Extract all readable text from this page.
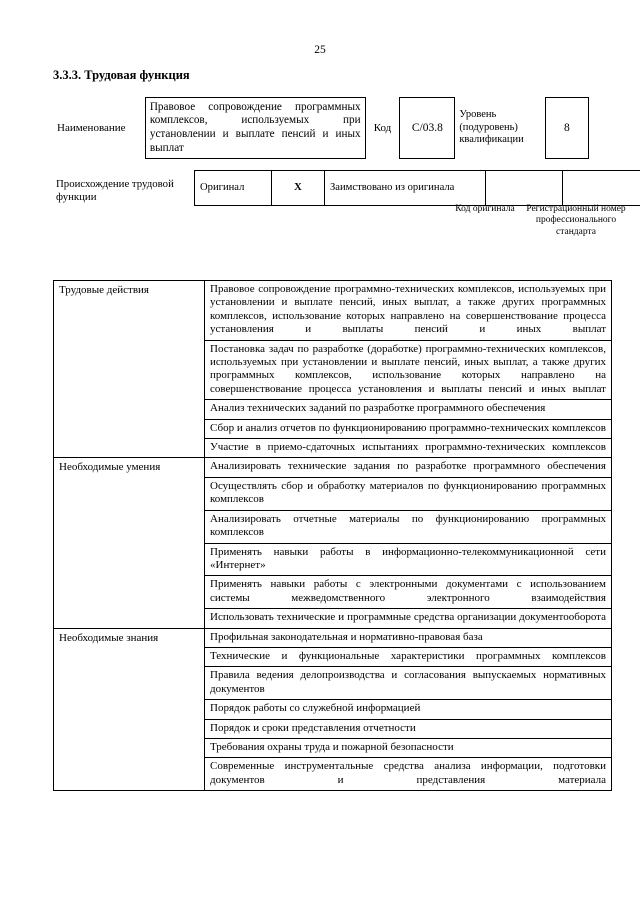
25
3.3.3. Трудовая функция
Наименование	Правовое сопровождение программных комплексов, используемых при установлении и выплате пенсий и иных выплат	Код	С/03.8	Уровень (подуровень) квалификации	8
Происхождение трудовой функции
Оригинал	X	Заимствовано из оригинала		
Код оригинала	Регистрационный номер профессионального стандарта
Трудовые действия	Правовое сопровождение программно-технических комплексов, используемых при установлении и выплате пенсий, иных выплат, а также других программных комплексов, использование которых направлено на совершенствование процесса установления и выплаты пенсий и иных выплат
	Постановка задач по разработке (доработке) программно-технических комплексов, используемых при установлении и выплате пенсий, иных выплат, а также других программных комплексов, использование которых направлено на совершенствование процесса установления и выплаты пенсий и иных выплат
	Анализ технических заданий по разработке программного обеспечения
	Сбор и анализ отчетов по функционированию программно-технических комплексов
	Участие в приемо-сдаточных испытаниях программно-технических комплексов
Необходимые умения	Анализировать технические задания по разработке программного обеспечения
	Осуществлять сбор и обработку материалов по функционированию программных комплексов
	Анализировать отчетные материалы по функционированию программных комплексов
	Применять навыки работы в информационно-телекоммуникационной сети «Интернет»
	Применять навыки работы с электронными документами с использованием системы межведомственного электронного взаимодействия
	Использовать технические и программные средства организации документооборота
Необходимые знания	Профильная законодательная и нормативно-правовая база
	Технические и функциональные характеристики программных комплексов
	Правила ведения делопроизводства и согласования выпускаемых нормативных документов
	Порядок работы со служебной информацией
	Порядок и сроки представления отчетности
	Требования охраны труда и пожарной безопасности
	Современные инструментальные средства анализа информации, подготовки документов и представления материала
